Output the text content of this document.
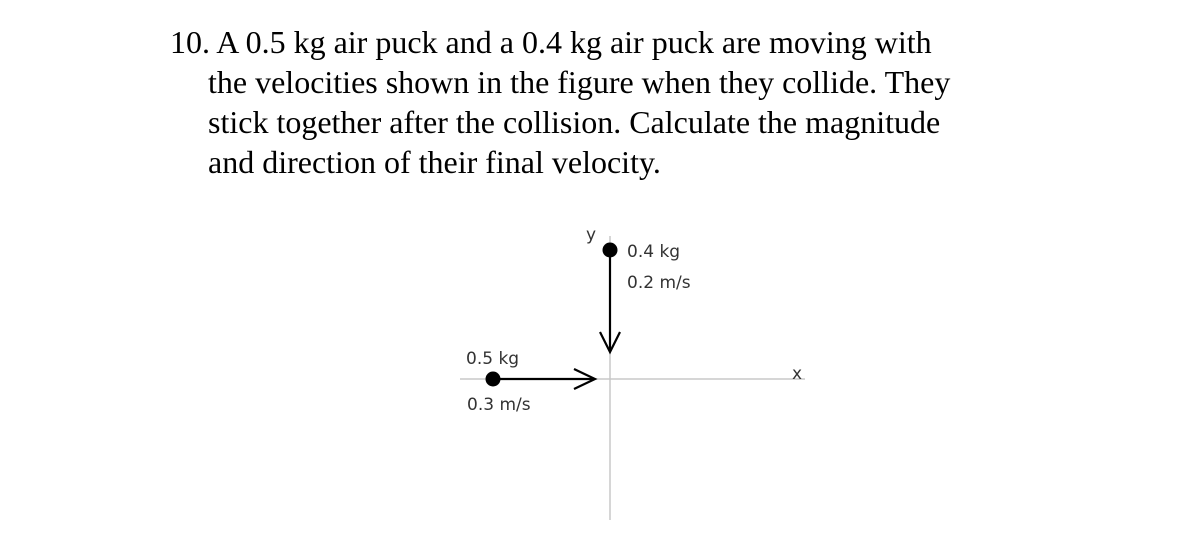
10. A 0.5 kg air puck and a 0.4 kg air puck are moving with
the velocities shown in the figure when they collide. They
stick together after the collision. Calculate the magnitude
and direction of their final velocity.
x
y
0.5 kg
0.3 m/s
0.4 kg
0.2 m/s
